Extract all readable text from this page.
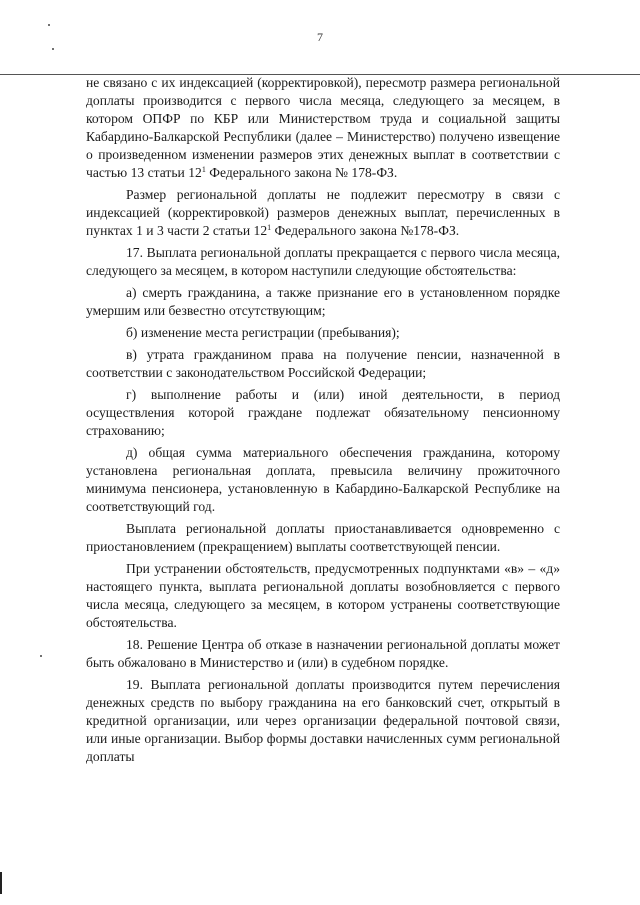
7

не связано с их индексацией (корректировкой), пересмотр размера региональной доплаты производится с первого числа месяца, следующего за месяцем, в котором ОПФР по КБР или Министерством труда и социальной защиты Кабардино-Балкарской Республики (далее – Министерство) получено извещение о произведенном изменении размеров этих денежных выплат в соответствии с частью 13 статьи $12^1$ Федерального закона № 178-ФЗ.

Размер региональной доплаты не подлежит пересмотру в связи с индексацией (корректировкой) размеров денежных выплат, перечисленных в пунктах 1 и 3 части 2 статьи $12^1$ Федерального закона №178-ФЗ.

17. Выплата региональной доплаты прекращается с первого числа месяца, следующего за месяцем, в котором наступили следующие обстоятельства:

а) смерть гражданина, а также признание его в установленном порядке умершим или безвестно отсутствующим;

б) изменение места регистрации (пребывания);

в) утрата гражданином права на получение пенсии, назначенной в соответствии с законодательством Российской Федерации;

г) выполнение работы и (или) иной деятельности, в период осуществления которой граждане подлежат обязательному пенсионному страхованию;

д) общая сумма материального обеспечения гражданина, которому установлена региональная доплата, превысила величину прожиточного минимума пенсионера, установленную в Кабардино-Балкарской Республике на соответствующий год.

Выплата региональной доплаты приостанавливается одновременно с приостановлением (прекращением) выплаты соответствующей пенсии.

При устранении обстоятельств, предусмотренных подпунктами «в» – «д» настоящего пункта, выплата региональной доплаты возобновляется с первого числа месяца, следующего за месяцем, в котором устранены соответствующие обстоятельства.

18. Решение Центра об отказе в назначении региональной доплаты может быть обжаловано в Министерство и (или) в судебном порядке.

19. Выплата региональной доплаты производится путем перечисления денежных средств по выбору гражданина на его банковский счет, открытый в кредитной организации, или через организации федеральной почтовой связи, или иные организации. Выбор формы доставки начисленных сумм региональной доплаты
